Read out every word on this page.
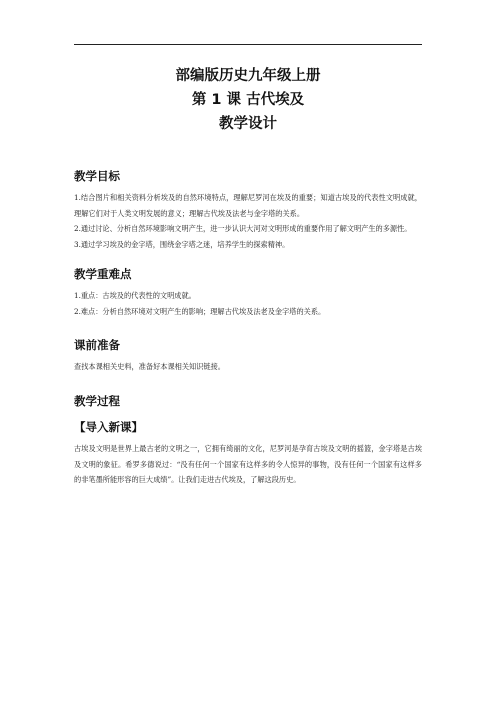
部编版历史九年级上册
第 1 课 古代埃及
教学设计
教学目标

1.结合图片和相关资料分析埃及的自然环境特点，理解尼罗河在埃及的重要；知道古埃及的代表性文明成就，理解它们对于人类文明发展的意义；理解古代埃及法老与金字塔的关系。

2.通过讨论、分析自然环境影响文明产生，进一步认识大河对文明形成的重要作用了解文明产生的多源性。

3.通过学习埃及的金字塔，围绕金字塔之迷，培养学生的探索精神。

教学重难点

1.重点：古埃及的代表性的文明成就。

2.难点：分析自然环境对文明产生的影响；理解古代埃及法老及金字塔的关系。

课前准备

查找本课相关史料，准备好本课相关知识链接。

教学过程
【导入新课】

古埃及文明是世界上最古老的文明之一，它拥有绮丽的文化，尼罗河是孕育古埃及文明的摇篮，金字塔是古埃及文明的象征。希罗多德说过：“没有任何一个国家有这样多的令人惊异的事物，没有任何一个国家有这样多的非笔墨所能形容的巨大成绩”。让我们走进古代埃及，了解这段历史。
